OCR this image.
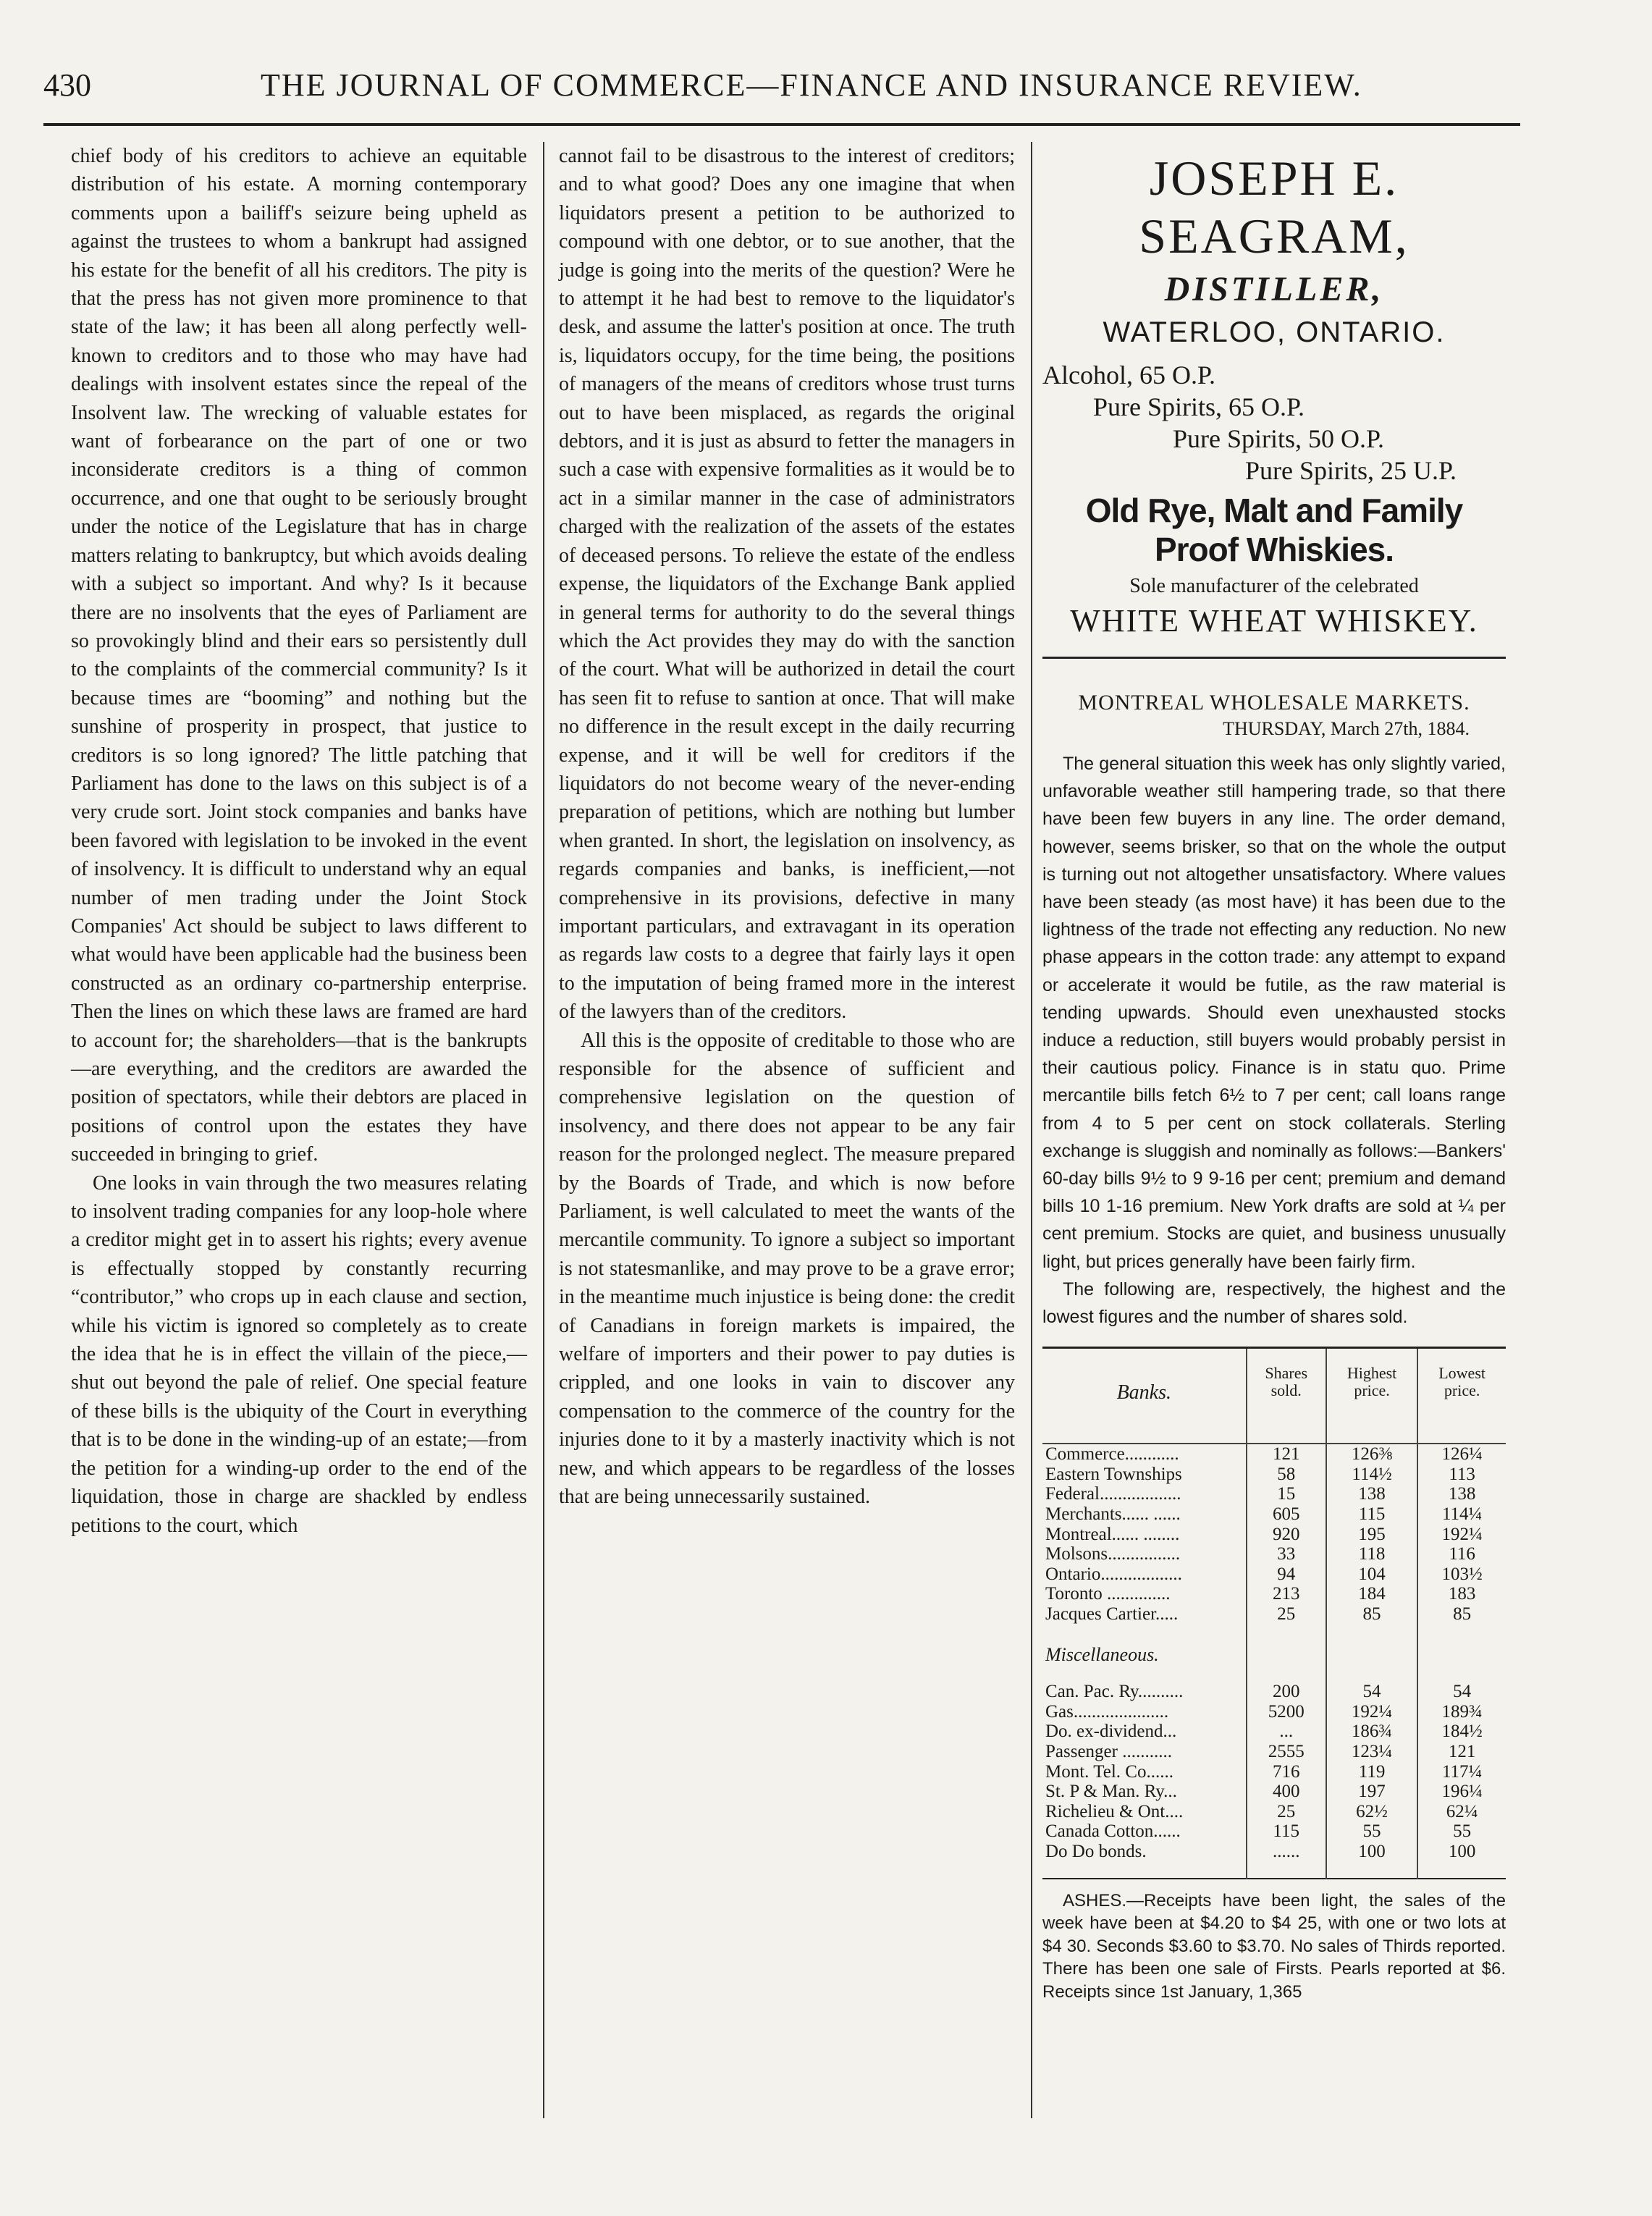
430	THE JOURNAL OF COMMERCE—FINANCE AND INSURANCE REVIEW.

chief body of his creditors to achieve an equitable distribution of his estate. A morning contemporary comments upon a bailiff's seizure being upheld as against the trustees to whom a bankrupt had assigned his estate for the benefit of all his creditors. The pity is that the press has not given more prominence to that state of the law; it has been all along perfectly well-known to creditors and to those who may have had dealings with insolvent estates since the repeal of the Insolvent law. The wrecking of valuable estates for want of forbearance on the part of one or two inconsiderate creditors is a thing of common occurrence, and one that ought to be seriously brought under the notice of the Legislature that has in charge matters relating to bankruptcy, but which avoids dealing with a subject so important. And why? Is it because there are no insolvents that the eyes of Parliament are so provokingly blind and their ears so persistently dull to the complaints of the commercial community? Is it because times are “booming” and nothing but the sunshine of prosperity in prospect, that justice to creditors is so long ignored? The little patching that Parliament has done to the laws on this subject is of a very crude sort. Joint stock companies and banks have been favored with legislation to be invoked in the event of insolvency. It is difficult to understand why an equal number of men trading under the Joint Stock Companies' Act should be subject to laws different to what would have been applicable had the business been constructed as an ordinary co-partnership enterprise. Then the lines on which these laws are framed are hard to account for; the shareholders—that is the bankrupts—are everything, and the creditors are awarded the position of spectators, while their debtors are placed in positions of control upon the estates they have succeeded in bringing to grief.

One looks in vain through the two measures relating to insolvent trading companies for any loop-hole where a creditor might get in to assert his rights; every avenue is effectually stopped by constantly recurring “contributor,” who crops up in each clause and section, while his victim is ignored so completely as to create the idea that he is in effect the villain of the piece,—shut out beyond the pale of relief. One special feature of these bills is the ubiquity of the Court in everything that is to be done in the winding-up of an estate;—from the petition for a winding-up order to the end of the liquidation, those in charge are shackled by endless petitions to the court, which

cannot fail to be disastrous to the interest of creditors; and to what good? Does any one imagine that when liquidators present a petition to be authorized to compound with one debtor, or to sue another, that the judge is going into the merits of the question? Were he to attempt it he had best to remove to the liquidator's desk, and assume the latter's position at once. The truth is, liquidators occupy, for the time being, the positions of managers of the means of creditors whose trust turns out to have been misplaced, as regards the original debtors, and it is just as absurd to fetter the managers in such a case with expensive formalities as it would be to act in a similar manner in the case of administrators charged with the realization of the assets of the estates of deceased persons. To relieve the estate of the endless expense, the liquidators of the Exchange Bank applied in general terms for authority to do the several things which the Act provides they may do with the sanction of the court. What will be authorized in detail the court has seen fit to refuse to santion at once. That will make no difference in the result except in the daily recurring expense, and it will be well for creditors if the liquidators do not become weary of the never-ending preparation of petitions, which are nothing but lumber when granted. In short, the legislation on insolvency, as regards companies and banks, is inefficient,—not comprehensive in its provisions, defective in many important particulars, and extravagant in its operation as regards law costs to a degree that fairly lays it open to the imputation of being framed more in the interest of the lawyers than of the creditors.

All this is the opposite of creditable to those who are responsible for the absence of sufficient and comprehensive legislation on the question of insolvency, and there does not appear to be any fair reason for the prolonged neglect. The measure prepared by the Boards of Trade, and which is now before Parliament, is well calculated to meet the wants of the mercantile community. To ignore a subject so important is not statesmanlike, and may prove to be a grave error; in the meantime much injustice is being done: the credit of Canadians in foreign markets is impaired, the welfare of importers and their power to pay duties is crippled, and one looks in vain to discover any compensation to the commerce of the country for the injuries done to it by a masterly inactivity which is not new, and which appears to be regardless of the losses that are being unnecessarily sustained.

JOSEPH E. SEAGRAM,
DISTILLER,
WATERLOO, ONTARIO.
Alcohol, 65 O.P.
Pure Spirits, 65 O.P.
Pure Spirits, 50 O.P.
Pure Spirits, 25 U.P.
Old Rye, Malt and Family Proof Whiskies.
Sole manufacturer of the celebrated
WHITE WHEAT WHISKEY.
MONTREAL WHOLESALE MARKETS.
THURSDAY, March 27th, 1884.

The general situation this week has only slightly varied, unfavorable weather still hampering trade, so that there have been few buyers in any line. The order demand, however, seems brisker, so that on the whole the output is turning out not altogether unsatisfactory. Where values have been steady (as most have) it has been due to the lightness of the trade not effecting any reduction. No new phase appears in the cotton trade: any attempt to expand or accelerate it would be futile, as the raw material is tending upwards. Should even unexhausted stocks induce a reduction, still buyers would probably persist in their cautious policy. Finance is in statu quo. Prime mercantile bills fetch 6½ to 7 per cent; call loans range from 4 to 5 per cent on stock collaterals. Sterling exchange is sluggish and nominally as follows:—Bankers' 60-day bills 9½ to 9 9-16 per cent; premium and demand bills 10 1-16 premium. New York drafts are sold at ¼ per cent premium. Stocks are quiet, and business unusually light, but prices generally have been fairly firm.

The following are, respectively, the highest and the lowest figures and the number of shares sold.

Banks.	Shares sold.	Highest price.	Lowest price.
Commerce............	121	126⅜	126¼
Eastern Townships	58	114½	113
Federal..................	15	138	138
Merchants...... ......	605	115	114¼
Montreal...... ........	920	195	192¼
Molsons................	33	118	116
Ontario..................	94	104	103½
Toronto ..............	213	184	183
Jacques Cartier.....	25	85	85
Miscellaneous.			
Can. Pac. Ry..........	200	54	54
Gas.....................	5200	192¼	189¾
Do. ex-dividend...	...	186¾	184½
Passenger ...........	2555	123¼	121
Mont. Tel. Co......	716	119	117¼
St. P & Man. Ry...	400	197	196¼
Richelieu & Ont....	25	62½	62¼
Canada Cotton......	115	55	55
Do Do bonds.	......	100	100

ASHES.—Receipts have been light, the sales of the week have been at $4.20 to $4 25, with one or two lots at $4 30. Seconds $3.60 to $3.70. No sales of Thirds reported. There has been one sale of Firsts. Pearls reported at $6. Receipts since 1st January, 1,365
